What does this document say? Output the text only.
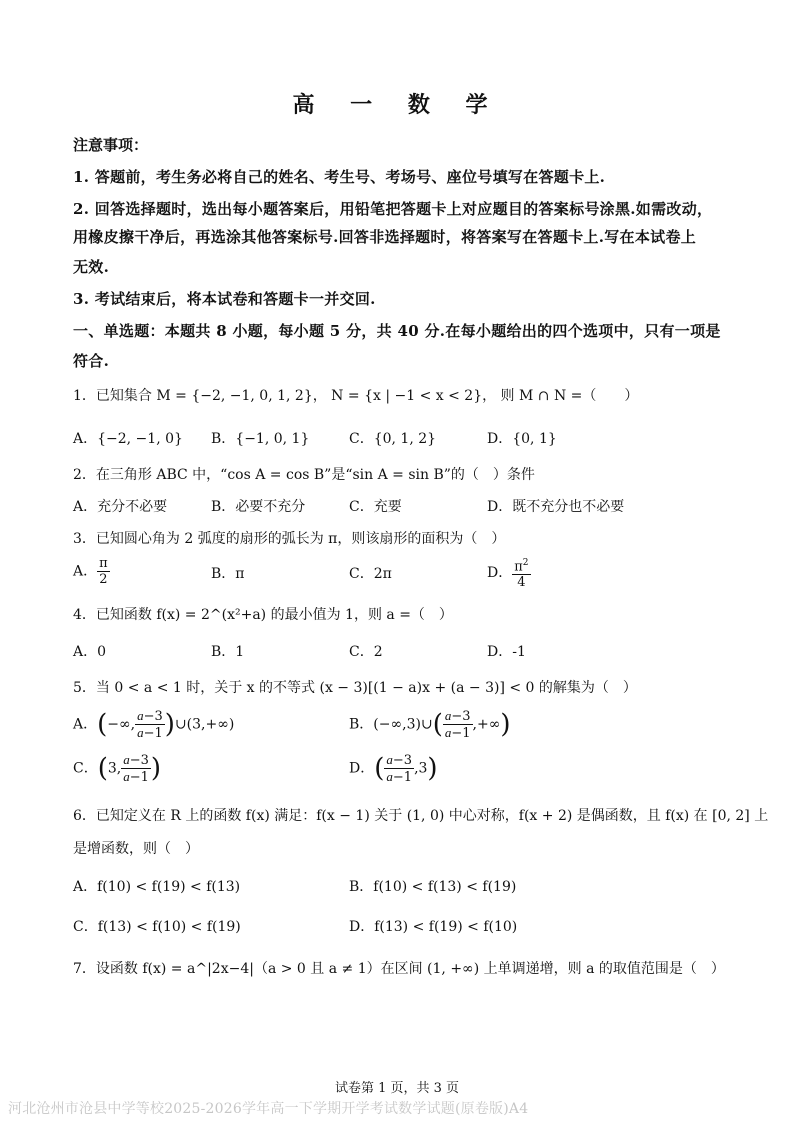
高 一 数 学
注意事项：
1. 答题前，考生务必将自己的姓名、考生号、考场号、座位号填写在答题卡上.
2. 回答选择题时，选出每小题答案后，用铅笔把答题卡上对应题目的答案标号涂黑.如需改动，
用橡皮擦干净后，再选涂其他答案标号.回答非选择题时，将答案写在答题卡上.写在本试卷上
无效.
3. 考试结束后，将本试卷和答题卡一并交回.
一、单选题：本题共 8 小题，每小题 5 分，共 40 分.在每小题给出的四个选项中，只有一项是
符合.
1．已知集合 M = {−2, −1, 0, 1, 2}， N = {x | −1 < x < 2}， 则 M ∩ N =（　　）
A．{−2, −1, 0} B．{−1, 0, 1}	C．{0, 1, 2}	D．{0, 1}
2．在三角形 ABC 中，“cos A = cos B”是“sin A = sin B”的（　）条件
A．充分不必要	B．必要不充分	C．充要	D．既不充分也不必要
3．已知圆心角为 2 弧度的扇形的弧长为 π，则该扇形的面积为（　）
A． $\frac{\pi}{2}$	B．π	C．2π	D． $\frac{\pi^2}{4}$
4．已知函数 f(x) = 2^(x²+a) 的最小值为 1，则 a =（　）
A．0	B．1	C．2	D．-1
5．当 0 < a < 1 时，关于 x 的不等式 (x − 3)[(1 − a)x + (a − 3)] < 0 的解集为（　）
A．(−∞, $\frac{a-3}{a-1}$ )∪(3,+∞)	B．(−∞,3)∪( $\frac{a-3}{a-1}$ ,+∞)
C．(3, $\frac{a-3}{a-1}$ )	D．( $\frac{a-3}{a-1} ,3$)
6．已知定义在 R 上的函数 f(x) 满足：f(x − 1) 关于 (1, 0) 中心对称，f(x + 2) 是偶函数，且 f(x) 在 [0, 2] 上
是增函数，则（　）
A．f(10) < f(19) < f(13)	B．f(10) < f(13) < f(19)
C．f(13) < f(10) < f(19)	D．f(13) < f(19) < f(10)
7．设函数 f(x) = a^|2x−4|（a > 0 且 a ≠ 1）在区间 (1, +∞) 上单调递增，则 a 的取值范围是（　）
试卷第 1 页，共 3 页
河北沧州市沧县中学等校2025-2026学年高一下学期开学考试数学试题(原卷版)A4
